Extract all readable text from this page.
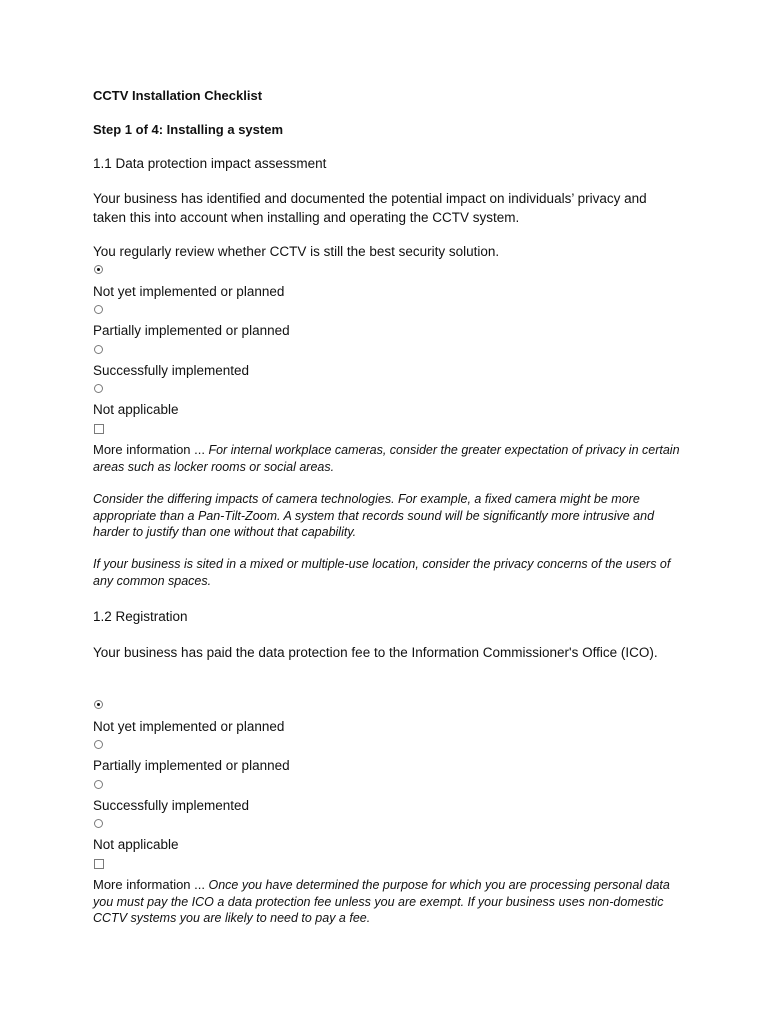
CCTV Installation Checklist
Step 1 of 4: Installing a system
1.1 Data protection impact assessment
Your business has identified and documented the potential impact on individuals’ privacy and taken this into account when installing and operating the CCTV system.
You regularly review whether CCTV is still the best security solution.
Not yet implemented or planned
Partially implemented or planned
Successfully implemented
Not applicable
More information ... For internal workplace cameras, consider the greater expectation of privacy in certain areas such as locker rooms or social areas.
Consider the differing impacts of camera technologies. For example, a fixed camera might be more appropriate than a Pan-Tilt-Zoom. A system that records sound will be significantly more intrusive and harder to justify than one without that capability.
If your business is sited in a mixed or multiple-use location, consider the privacy concerns of the users of any common spaces.
1.2 Registration
Your business has paid the data protection fee to the Information Commissioner's Office (ICO).
Not yet implemented or planned
Partially implemented or planned
Successfully implemented
Not applicable
More information ... Once you have determined the purpose for which you are processing personal data you must pay the ICO a data protection fee unless you are exempt. If your business uses non-domestic CCTV systems you are likely to need to pay a fee.
